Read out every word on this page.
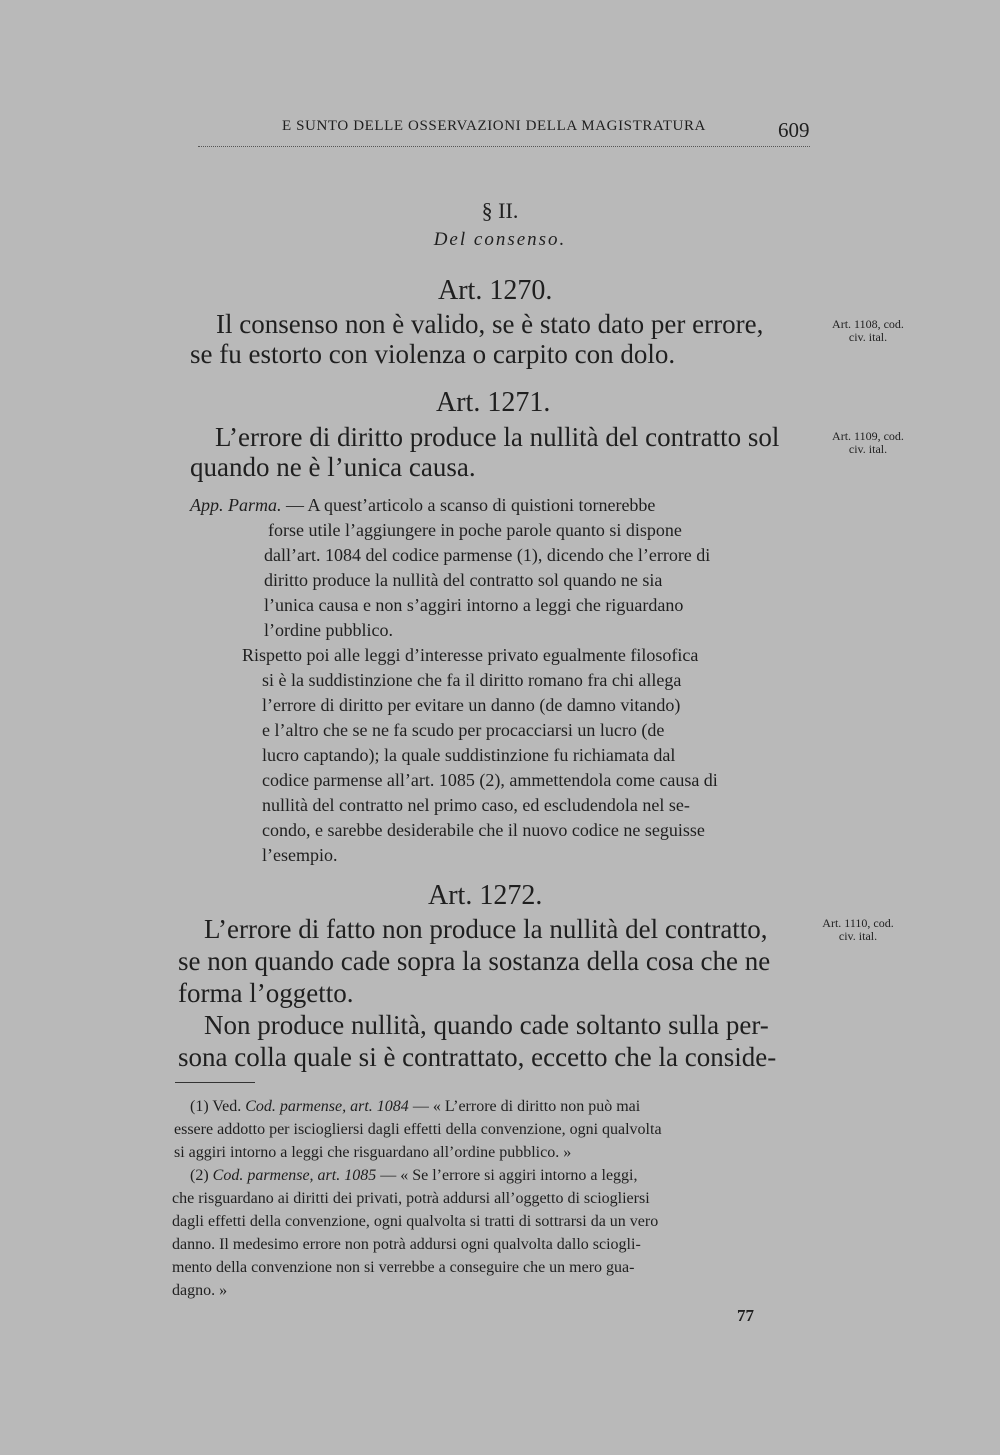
E SUNTO DELLE OSSERVAZIONI DELLA MAGISTRATURA	609
§ II.
Del consenso.
Art. 1270.
Il consenso non è valido, se è stato dato per errore,
se fu estorto con violenza o carpito con dolo.
Art. 1108, cod.
civ. ital.
Art. 1271.
L’errore di diritto produce la nullità del contratto sol
quando ne è l’unica causa.
Art. 1109, cod.
civ. ital.
App. Parma. — A quest’articolo a scanso di quistioni tornerebbe
forse utile l’aggiungere in poche parole quanto si dispone
dall’art. 1084 del codice parmense (1), dicendo che l’errore di
diritto produce la nullità del contratto sol quando ne sia
l’unica causa e non s’aggiri intorno a leggi che riguardano
l’ordine pubblico.
Rispetto poi alle leggi d’interesse privato egualmente filosofica
si è la suddistinzione che fa il diritto romano fra chi allega
l’errore di diritto per evitare un danno (de damno vitando)
e l’altro che se ne fa scudo per procacciarsi un lucro (de
lucro captando); la quale suddistinzione fu richiamata dal
codice parmense all’art. 1085 (2), ammettendola come causa di
nullità del contratto nel primo caso, ed escludendola nel se-
condo, e sarebbe desiderabile che il nuovo codice ne seguisse
l’esempio.
Art. 1272.
L’errore di fatto non produce la nullità del contratto,
se non quando cade sopra la sostanza della cosa che ne
forma l’oggetto.
Non produce nullità, quando cade soltanto sulla per-
sona colla quale si è contrattato, eccetto che la conside-
Art. 1110, cod.
civ. ital.
(1) Ved. Cod. parmense, art. 1084 — « L’errore di diritto non può mai
essere addotto per isciogliersi dagli effetti della convenzione, ogni qualvolta
si aggiri intorno a leggi che risguardano all’ordine pubblico. »
(2) Cod. parmense, art. 1085 — « Se l’errore si aggiri intorno a leggi,
che risguardano ai diritti dei privati, potrà addursi all’oggetto di sciogliersi
dagli effetti della convenzione, ogni qualvolta si tratti di sottrarsi da un vero
danno. Il medesimo errore non potrà addursi ogni qualvolta dallo sciogli-
mento della convenzione non si verrebbe a conseguire che un mero gua-
dagno. »
77
